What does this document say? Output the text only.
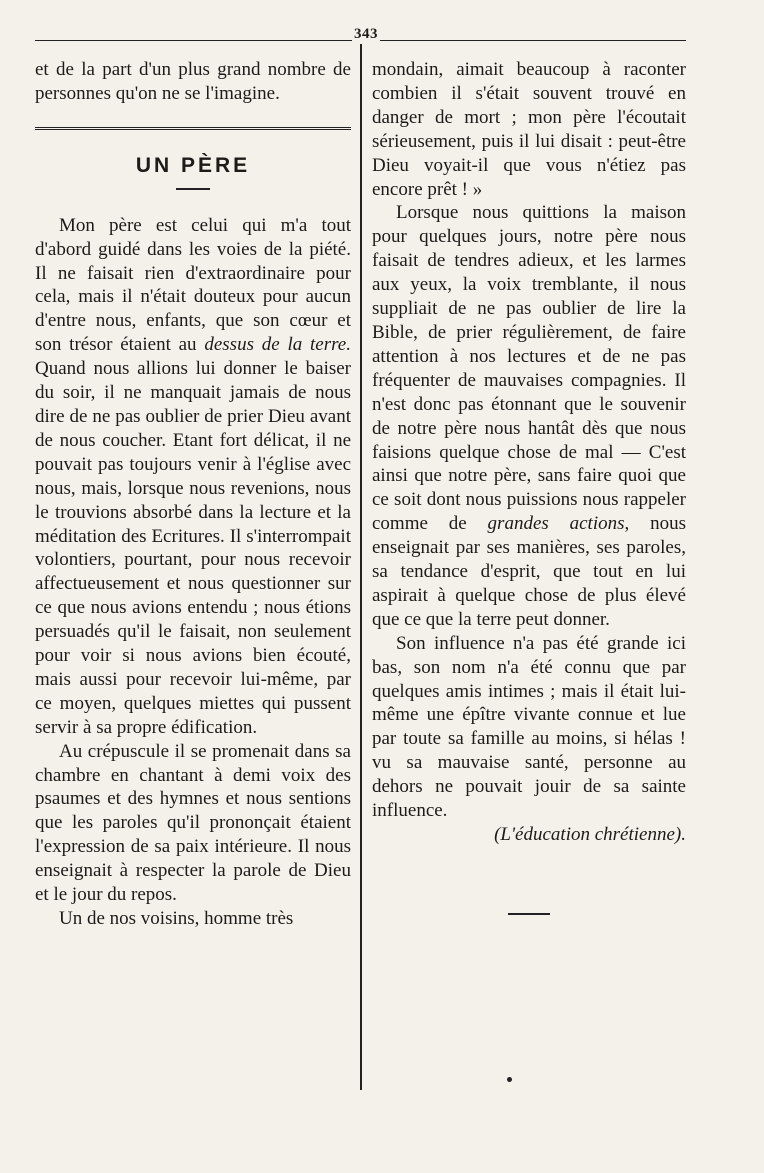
343

et de la part d'un plus grand nombre de personnes qu'on ne se l'imagine.

UN PÈRE

Mon père est celui qui m'a tout d'abord guidé dans les voies de la piété. Il ne faisait rien d'extraordinaire pour cela, mais il n'était douteux pour aucun d'entre nous, enfants, que son cœur et son trésor étaient au dessus de la terre. Quand nous allions lui donner le baiser du soir, il ne manquait jamais de nous dire de ne pas oublier de prier Dieu avant de nous coucher. Etant fort délicat, il ne pouvait pas toujours venir à l'église avec nous, mais, lorsque nous revenions, nous le trouvions absorbé dans la lecture et la méditation des Ecritures. Il s'interrompait volontiers, pourtant, pour nous recevoir affectueusement et nous questionner sur ce que nous avions entendu ; nous étions persuadés qu'il le faisait, non seulement pour voir si nous avions bien écouté, mais aussi pour recevoir lui-même, par ce moyen, quelques miettes qui pussent servir à sa propre édification.

Au crépuscule il se promenait dans sa chambre en chantant à demi voix des psaumes et des hymnes et nous sentions que les paroles qu'il prononçait étaient l'expression de sa paix intérieure. Il nous enseignait à respecter la parole de Dieu et le jour du repos.

Un de nos voisins, homme très

mondain, aimait beaucoup à raconter combien il s'était souvent trouvé en danger de mort ; mon père l'écoutait sérieusement, puis il lui disait : peut-être Dieu voyait-il que vous n'étiez pas encore prêt ! »

Lorsque nous quittions la maison pour quelques jours, notre père nous faisait de tendres adieux, et les larmes aux yeux, la voix tremblante, il nous suppliait de ne pas oublier de lire la Bible, de prier régulièrement, de faire attention à nos lectures et de ne pas fréquenter de mauvaises compagnies. Il n'est donc pas étonnant que le souvenir de notre père nous hantât dès que nous faisions quelque chose de mal — C'est ainsi que notre père, sans faire quoi que ce soit dont nous puissions nous rappeler comme de grandes actions, nous enseignait par ses manières, ses paroles, sa tendance d'esprit, que tout en lui aspirait à quelque chose de plus élevé que ce que la terre peut donner.

Son influence n'a pas été grande ici bas, son nom n'a été connu que par quelques amis intimes ; mais il était lui-même une épître vivante connue et lue par toute sa famille au moins, si hélas ! vu sa mauvaise santé, personne au dehors ne pouvait jouir de sa sainte influence.

(L'éducation chrétienne).
